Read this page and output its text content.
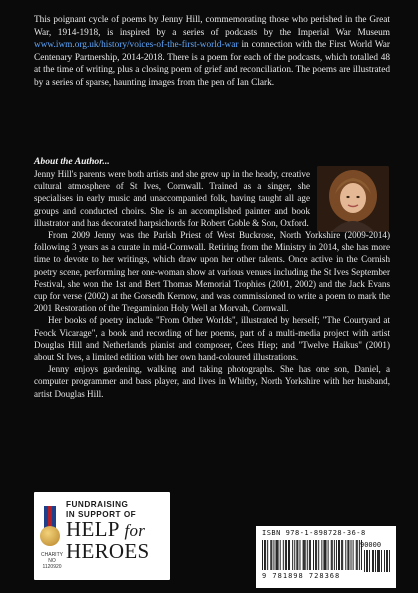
This poignant cycle of poems by Jenny Hill, commemorating those who perished in the Great War, 1914-1918, is inspired by a series of podcasts by the Imperial War Museum www.iwm.org.uk/history/voices-of-the-first-world-war in connection with the First World War Centenary Partnership, 2014-2018. There is a poem for each of the podcasts, which totalled 48 at the time of writing, plus a closing poem of grief and reconciliation. The poems are illustrated by a series of sparse, haunting images from the pen of Ian Clark.
About the Author...

Jenny Hill's parents were both artists and she grew up in the heady, creative cultural atmosphere of St Ives, Cornwall. Trained as a singer, she specialises in early music and unaccompanied folk, having taught all age groups and conducted choirs. She is an accomplished painter and book illustrator and has decorated harpsichords for Robert Goble & Son, Oxford.

From 2009 Jenny was the Parish Priest of West Buckrose, North Yorkshire (2009-2014) following 3 years as a curate in mid-Cornwall. Retiring from the Ministry in 2014, she has more time to devote to her writings, which draw upon her other talents. Once active in the Cornish poetry scene, performing her one-woman show at various venues including the St Ives September Festival, she won the 1st and Bert Thomas Memorial Trophies (2001, 2002) and the Jack Evans cup for verse (2002) at the Gorsedh Kernow, and was commissioned to write a poem to mark the 2001 Restoration of the Tregaminion Holy Well at Morvah, Cornwall.

Her books of poetry include "From Other Worlds", illustrated by herself; "The Courtyard at Feock Vicarage", a book and recording of her poems, part of a multi-media project with artist Douglas Hill and Netherlands pianist and composer, Cees Hiep; and "Twelve Haikus" (2001) about St Ives, a limited edition with her own hand-coloured illustrations.

Jenny enjoys gardening, walking and taking photographs. She has one son, Daniel, a computer programmer and bass player, and lives in Whitby, North Yorkshire with her husband, artist Douglas Hill.

CHARITY NO
1120920
FUNDRAISING
IN SUPPORT OF
HELP for
HEROES
ISBN 978-1-898728-36-8
90000
9 781898 728368
